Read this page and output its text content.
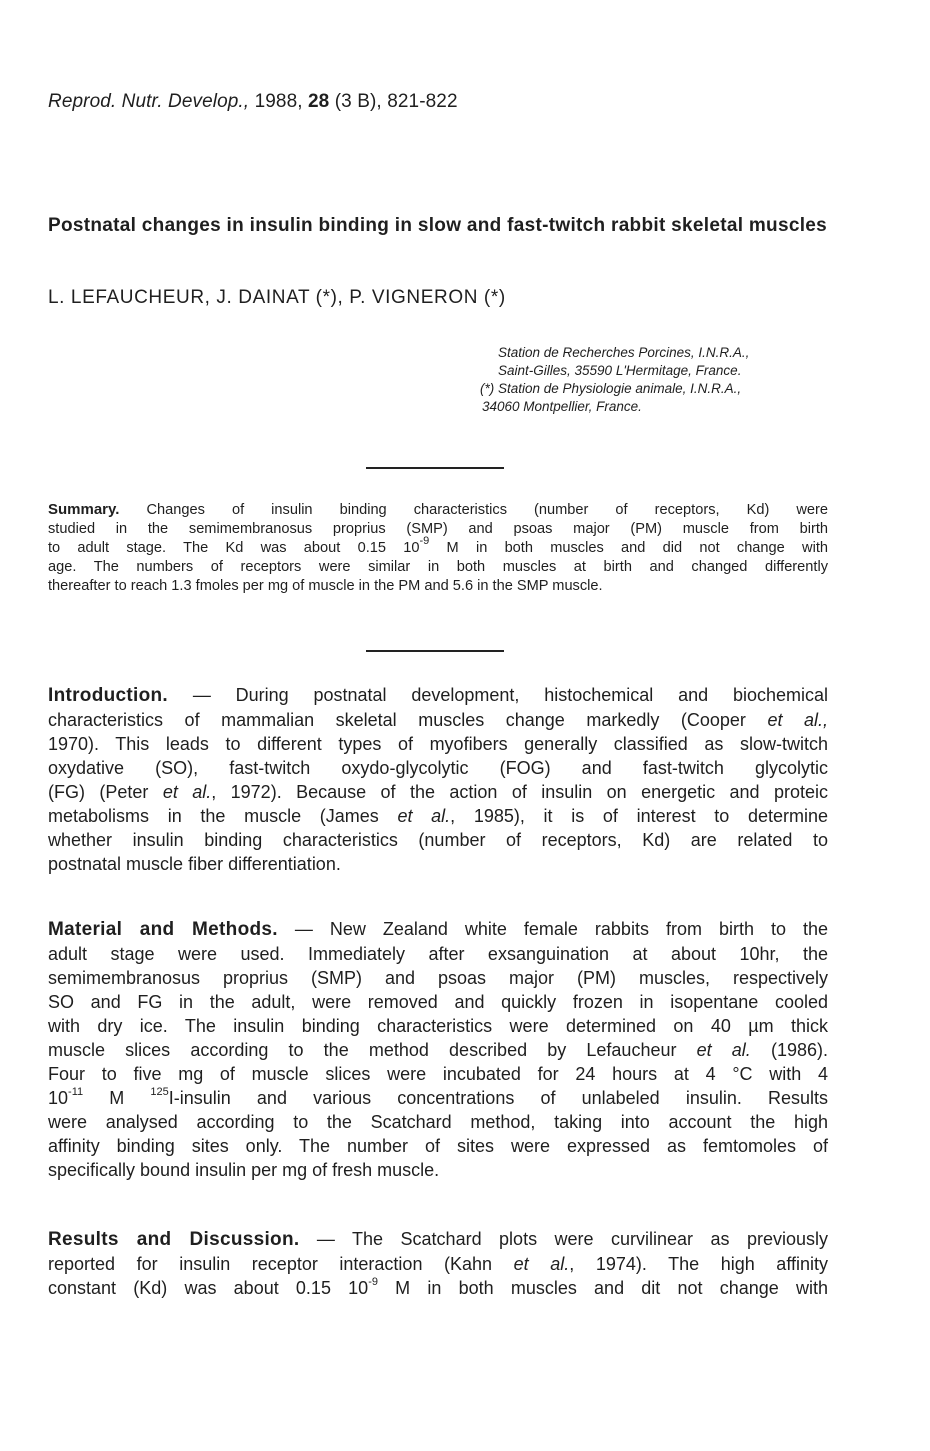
Reprod. Nutr. Develop., 1988, 28 (3 B), 821-822
Postnatal changes in insulin binding in slow and fast-twitch rabbit skeletal muscles
L. LEFAUCHEUR, J. DAINAT (*), P. VIGNERON (*)
Station de Recherches Porcines, I.N.R.A.,
Saint-Gilles, 35590 L'Hermitage, France.
(*) Station de Physiologie animale, I.N.R.A.,
34060 Montpellier, France.
Summary. Changes of insulin binding characteristics (number of receptors, Kd) were
studied in the semimembranosus proprius (SMP) and psoas major (PM) muscle from birth
to adult stage. The Kd was about 0.15 $10^{-9}$ M in both muscles and did not change with
age. The numbers of receptors were similar in both muscles at birth and changed differently
thereafter to reach 1.3 fmoles per mg of muscle in the PM and 5.6 in the SMP muscle.
Introduction. — During postnatal development, histochemical and biochemical
characteristics of mammalian skeletal muscles change markedly (Cooper et al.,
1970). This leads to different types of myofibers generally classified as slow-twitch
oxydative (SO), fast-twitch oxydo-glycolytic (FOG) and fast-twitch glycolytic
(FG) (Peter et al., 1972). Because of the action of insulin on energetic and proteic
metabolisms in the muscle (James et al., 1985), it is of interest to determine
whether insulin binding characteristics (number of receptors, Kd) are related to
postnatal muscle fiber differentiation.
Material and Methods. — New Zealand white female rabbits from birth to the
adult stage were used. Immediately after exsanguination at about 10hr, the
semimembranosus proprius (SMP) and psoas major (PM) muscles, respectively
SO and FG in the adult, were removed and quickly frozen in isopentane cooled
with dry ice. The insulin binding characteristics were determined on 40 µm thick
muscle slices according to the method described by Lefaucheur et al. (1986).
Four to five mg of muscle slices were incubated for 24 hours at 4 °C with 4
$10^{-11}$ M $^{125}$I-insulin and various concentrations of unlabeled insulin. Results
were analysed according to the Scatchard method, taking into account the high
affinity binding sites only. The number of sites were expressed as femtomoles of
specifically bound insulin per mg of fresh muscle.
Results and Discussion. — The Scatchard plots were curvilinear as previously
reported for insulin receptor interaction (Kahn et al., 1974). The high affinity
constant (Kd) was about 0.15 $10^{-9}$ M in both muscles and dit not change with
